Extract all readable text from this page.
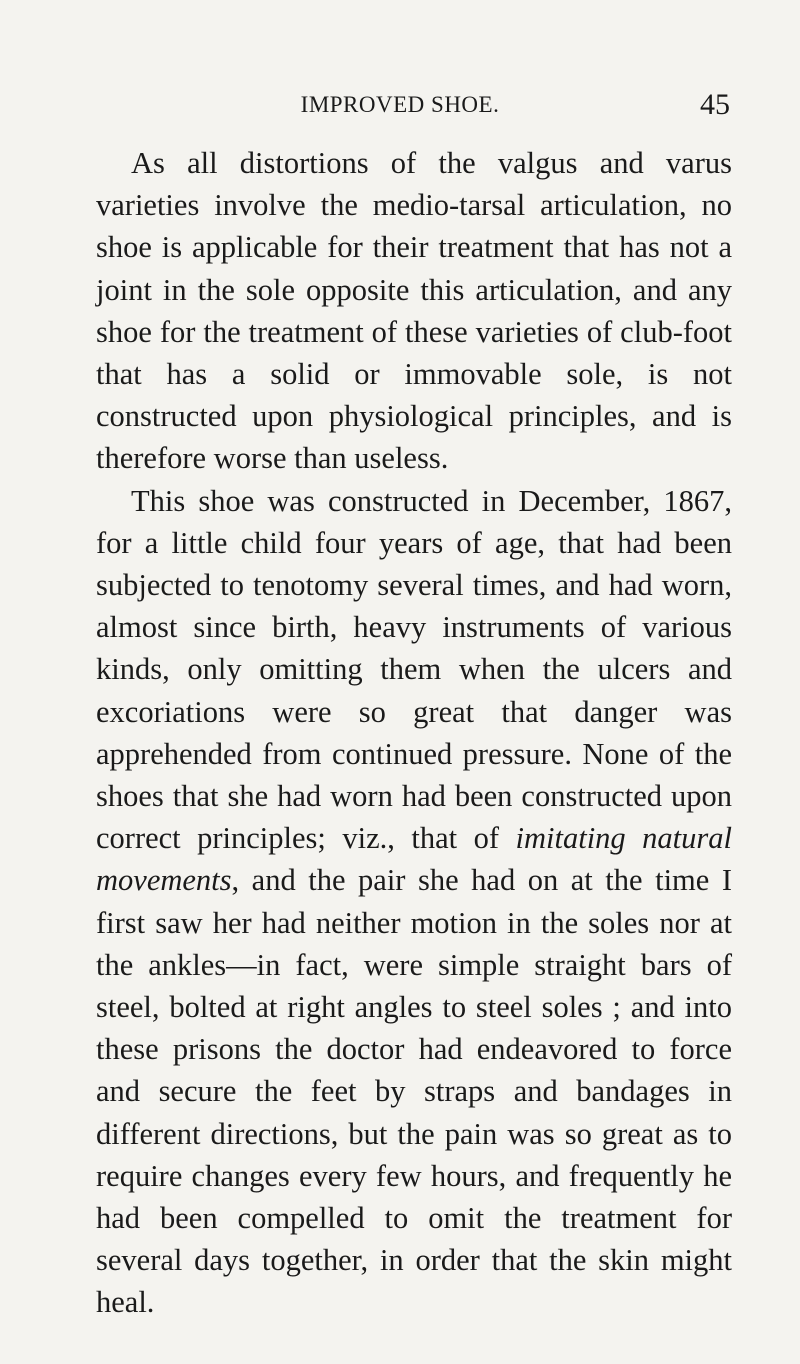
IMPROVED SHOE.	45

As all distortions of the valgus and varus varieties involve the medio-tarsal articulation, no shoe is applicable for their treatment that has not a joint in the sole opposite this articulation, and any shoe for the treatment of these varieties of club-foot that has a solid or immovable sole, is not constructed upon physiological principles, and is therefore worse than useless.

This shoe was constructed in December, 1867, for a little child four years of age, that had been subjected to tenotomy several times, and had worn, almost since birth, heavy instruments of various kinds, only omitting them when the ulcers and excoriations were so great that danger was apprehended from continued pressure. None of the shoes that she had worn had been constructed upon correct principles; viz., that of imitating natural movements, and the pair she had on at the time I first saw her had neither motion in the soles nor at the ankles—in fact, were simple straight bars of steel, bolted at right angles to steel soles ; and into these prisons the doctor had endeavored to force and secure the feet by straps and bandages in different directions, but the pain was so great as to require changes every few hours, and frequently he had been compelled to omit the treatment for several days together, in order that the skin might heal.
